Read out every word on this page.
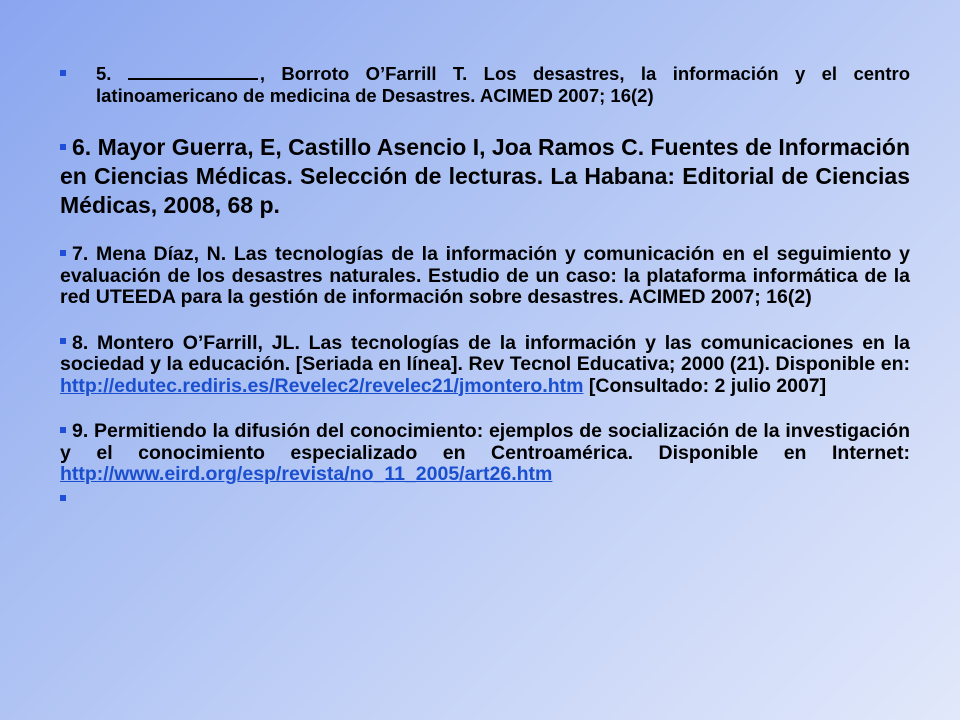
5.	, Borroto O’Farrill T. Los desastres, la información y el centro latinoamericano de medicina de Desastres. ACIMED 2007; 16(2)
6. Mayor Guerra, E, Castillo Asencio I, Joa Ramos C. Fuentes de Información en Ciencias Médicas. Selección de lecturas. La Habana: Editorial de Ciencias Médicas, 2008, 68 p.
7. Mena Díaz, N. Las tecnologías de la información y comunicación en el seguimiento y evaluación de los desastres naturales. Estudio de un caso: la plataforma informática de la red UTEEDA para la gestión de información sobre desastres. ACIMED 2007; 16(2)
8. Montero O’Farrill, JL. Las tecnologías de la información y las comunicaciones en la sociedad y la educación. [Seriada en línea]. Rev Tecnol Educativa; 2000 (21). Disponible en: http://edutec.rediris.es/Revelec2/revelec21/jmontero.htm [Consultado: 2 julio 2007]
9. Permitiendo la difusión del conocimiento: ejemplos de socialización de la investigación y el conocimiento especializado en Centroamérica. Disponible en Internet: http://www.eird.org/esp/revista/no_11_2005/art26.htm
